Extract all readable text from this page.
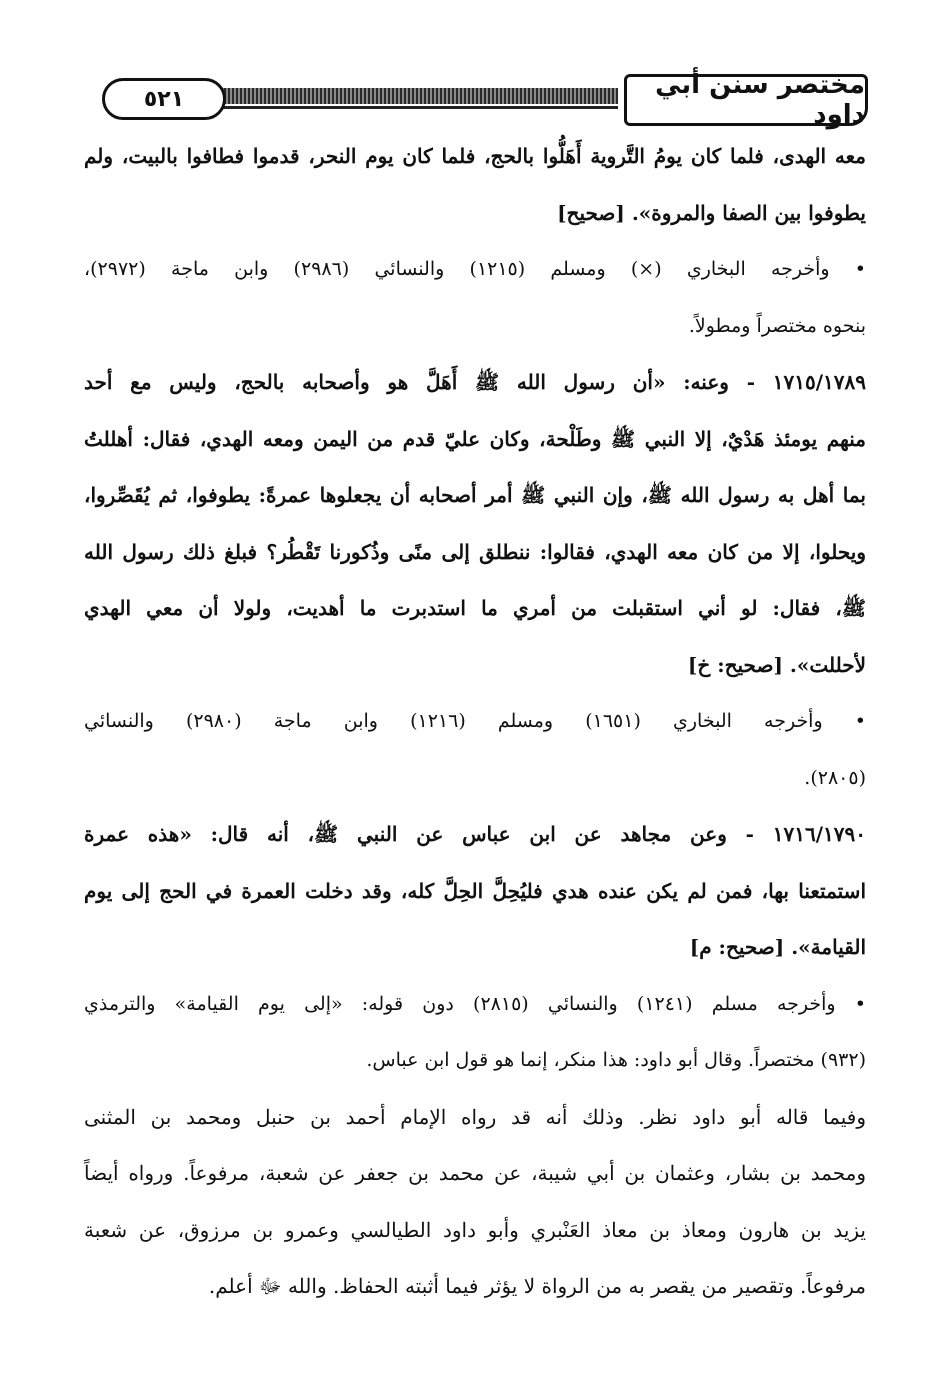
٥٢١	مختصر سنن أبي داود
معه الهدى، فلما كان يومُ التَّروية أَهَلُّوا بالحج، فلما كان يوم النحر، قدموا فطافوا بالبيت، ولم
يطوفوا بين الصفا والمروة». [صحيح]
• وأخرجه البخاري (×) ومسلم (١٢١٥) والنسائي (٢٩٨٦) وابن ماجة (٢٩٧٢)،
بنحوه مختصراً ومطولاً.
١٧١٥/١٧٨٩ - وعنه: «أن رسول الله ﷺ أَهَلَّ هو وأصحابه بالحج، وليس مع أحد
منهم يومئذ هَدْيٌ، إلا النبي ﷺ وطَلْحة، وكان عليّ قدم من اليمن ومعه الهدي، فقال: أهللتُ
بما أهل به رسول الله ﷺ، وإن النبي ﷺ أمر أصحابه أن يجعلوها عمرةً: يطوفوا، ثم يُقَصِّروا،
ويحلوا، إلا من كان معه الهدي، فقالوا: ننطلق إلى منًى وذُكورنا تَقْطُر؟ فبلغ ذلك رسول الله
ﷺ، فقال: لو أني استقبلت من أمري ما استدبرت ما أهديت، ولولا أن معي الهدي
لأحللت». [صحيح: خ]
• وأخرجه البخاري (١٦٥١) ومسلم (١٢١٦) وابن ماجة (٢٩٨٠) والنسائي
(٢٨٠٥).
١٧١٦/١٧٩٠ - وعن مجاهد عن ابن عباس عن النبي ﷺ، أنه قال: «هذه عمرة
استمتعنا بها، فمن لم يكن عنده هدي فليُحِلَّ الحِلَّ كله، وقد دخلت العمرة في الحج إلى يوم
القيامة». [صحيح: م]
• وأخرجه مسلم (١٢٤١) والنسائي (٢٨١٥) دون قوله: «إلى يوم القيامة» والترمذي
(٩٣٢) مختصراً. وقال أبو داود: هذا منكر، إنما هو قول ابن عباس.
وفيما قاله أبو داود نظر. وذلك أنه قد رواه الإمام أحمد بن حنبل ومحمد بن المثنى
ومحمد بن بشار، وعثمان بن أبي شيبة، عن محمد بن جعفر عن شعبة، مرفوعاً. ورواه أيضاً
يزيد بن هارون ومعاذ بن معاذ العَنْبري وأبو داود الطيالسي وعمرو بن مرزوق، عن شعبة
مرفوعاً. وتقصير من يقصر به من الرواة لا يؤثر فيما أثبته الحفاظ. والله ﷻ أعلم.
